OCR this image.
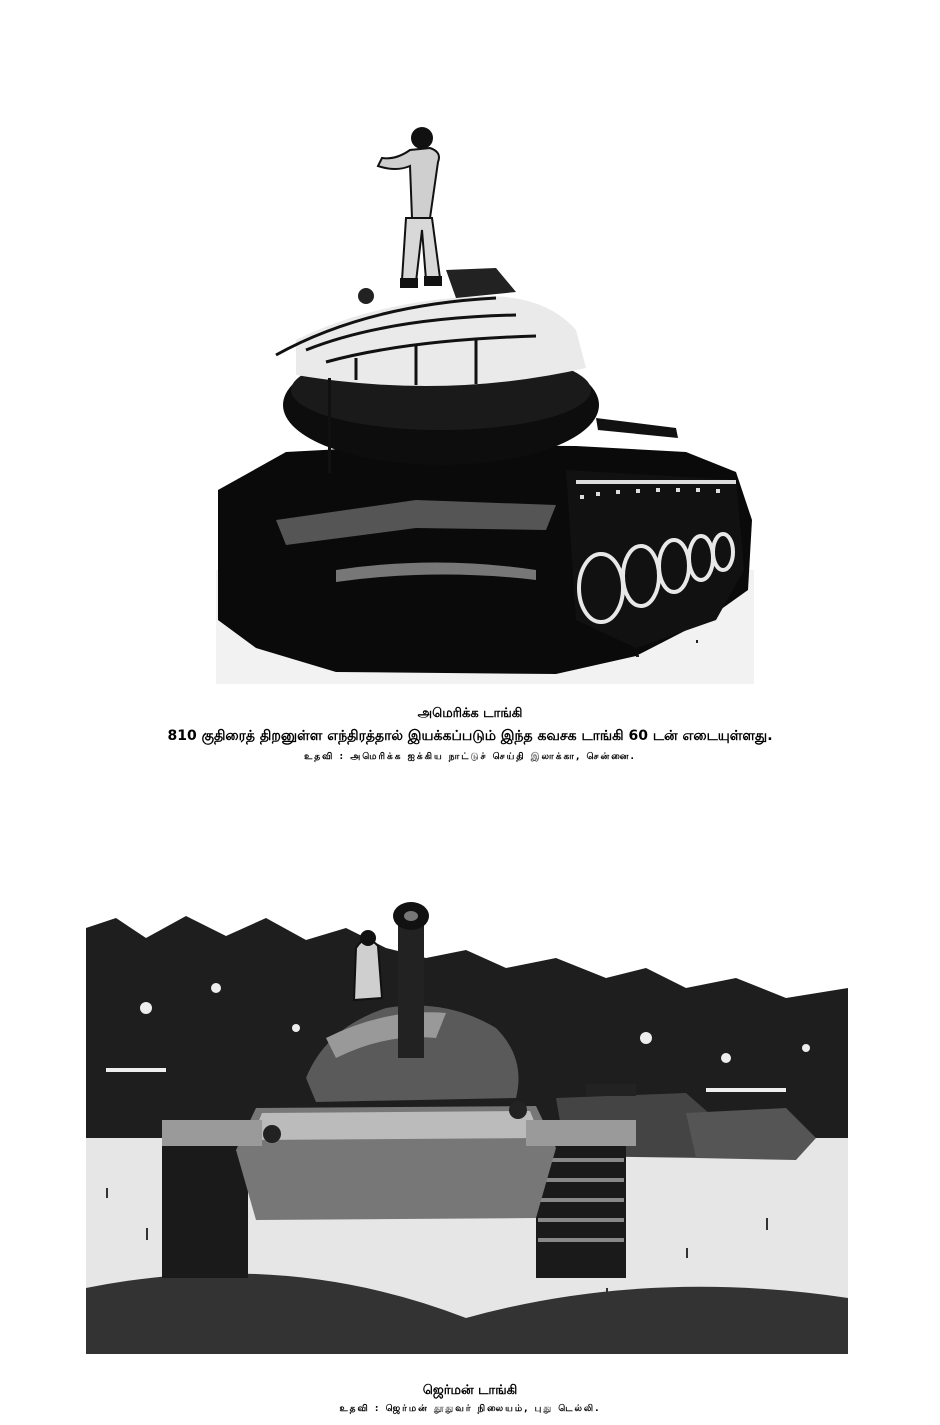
அமெரிக்க டாங்கி
810 குதிரைத் திறனுள்ள எந்திரத்தால் இயக்கப்படும் இந்த கவசக டாங்கி 60 டன் எடையுள்ளது.
உதவி : அமெரிக்க ஐக்கிய நாட்டுச் செய்தி இலாக்கா, சென்னை.
ஜெர்மன் டாங்கி
உதவி : ஜெர்மன் தூதுவர் நிலையம், புது டெல்லி.
